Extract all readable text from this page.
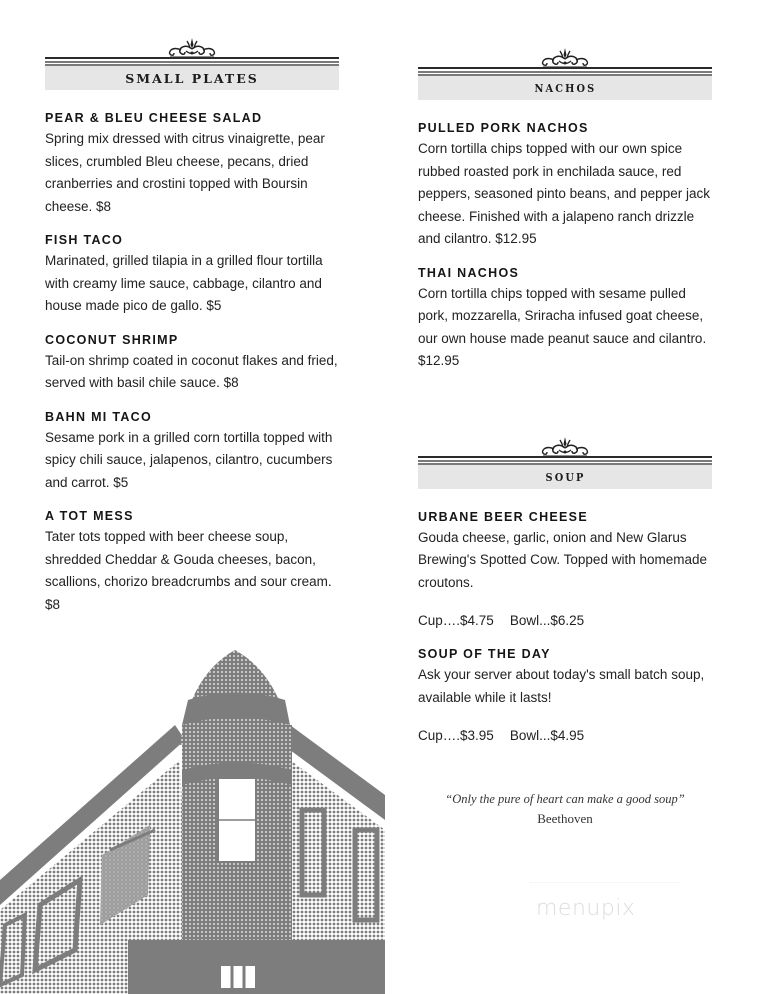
SMALL PLATES
PEAR & BLEU CHEESE SALAD
Spring mix dressed with citrus vinaigrette, pear slices, crumbled Bleu cheese, pecans, dried cranberries and crostini topped with Boursin cheese. $8
FISH TACO
Marinated, grilled tilapia in a grilled flour tortilla with creamy lime sauce, cabbage, cilantro and house made pico de gallo. $5
COCONUT SHRIMP
Tail-on shrimp coated in coconut flakes and fried, served with basil chile sauce. $8
BAHN MI TACO
Sesame pork in a grilled corn tortilla topped with spicy chili sauce, jalapenos, cilantro, cucumbers and carrot. $5
A TOT MESS
Tater tots topped with beer cheese soup, shredded Cheddar & Gouda cheeses, bacon, scallions, chorizo breadcrumbs and sour cream. $8
NACHOS
PULLED PORK NACHOS
Corn tortilla chips topped with our own spice rubbed roasted pork in enchilada sauce, red peppers, seasoned pinto beans, and pepper jack cheese. Finished with a jalapeno ranch drizzle and cilantro. $12.95
THAI NACHOS
Corn tortilla chips topped with sesame pulled pork, mozzarella, Sriracha infused goat cheese, our own house made peanut sauce and cilantro. $12.95
SOUP
URBANE BEER CHEESE
Gouda cheese, garlic, onion and New Glarus Brewing's Spotted Cow. Topped with homemade croutons.
Cup….$4.75 Bowl...$6.25
SOUP OF THE DAY
Ask your server about today's small batch soup, available while it lasts!
Cup….$3.95 Bowl...$4.95
“Only the pure of heart can make a good soup”
Beethoven
menupix
